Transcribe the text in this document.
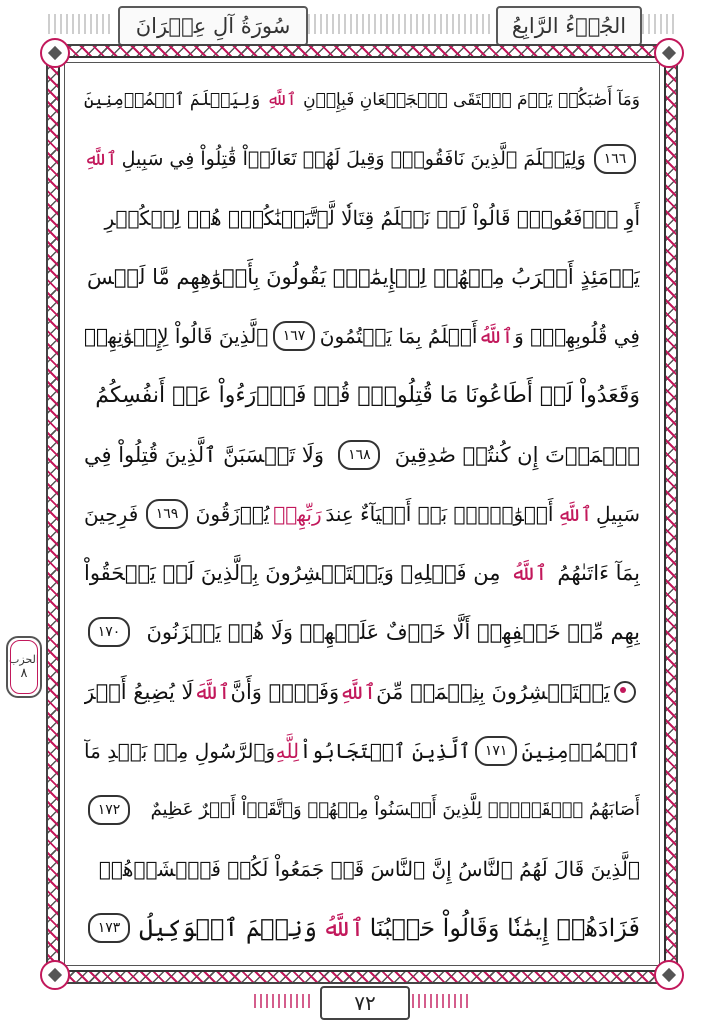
سُورَةُ آلِ عِمۡرَانَ	الجُزۡءُ الرَّابِعُ
وَمَآ أَصَٰبَكُمۡ يَوۡمَ ٱلۡتَقَى ٱلۡجَمۡعَانِ فَبِإِذۡنِ
ٱللَّهِ
وَلِيَعۡلَمَ ٱلۡمُؤۡمِنِينَ
١٦٦
وَلِيَعۡلَمَ ٱلَّذِينَ نَافَقُواْۚ وَقِيلَ لَهُمۡ تَعَالَوۡاْ قَٰتِلُواْ فِي سَبِيلِ
ٱللَّهِ
أَوِ ٱدۡفَعُواْۖ قَالُواْ لَوۡ نَعۡلَمُ قِتَالٗا لَّٱتَّبَعۡنَٰكُمۡۗ هُمۡ لِلۡكُفۡرِ
يَوۡمَئِذٍ أَقۡرَبُ مِنۡهُمۡ لِلۡإِيمَٰنِۚ يَقُولُونَ بِأَفۡوَٰهِهِم مَّا لَيۡسَ
فِي قُلُوبِهِمۡۗ وَ
ٱللَّهُ
أَعۡلَمُ بِمَا يَكۡتُمُونَ
١٦٧
ٱلَّذِينَ قَالُواْ لِإِخۡوَٰنِهِمۡ
وَقَعَدُواْ لَوۡ أَطَاعُونَا مَا قُتِلُواْۗ قُلۡ فَٱدۡرَءُواْ عَنۡ أَنفُسِكُمُ
ٱلۡمَوۡتَ إِن كُنتُمۡ صَٰدِقِينَ
١٦٨
وَلَا تَحۡسَبَنَّ ٱلَّذِينَ قُتِلُواْ فِي
سَبِيلِ
ٱللَّهِ
أَمۡوَٰتَۢاۚ بَلۡ أَحۡيَآءٌ عِندَ
رَبِّهِمۡ
يُرۡزَقُونَ
١٦٩
فَرِحِينَ
بِمَآ ءَاتَىٰهُمُ
ٱللَّهُ
مِن فَضۡلِهِۦ وَيَسۡتَبۡشِرُونَ بِٱلَّذِينَ لَمۡ يَلۡحَقُواْ
بِهِم مِّنۡ خَلۡفِهِمۡ أَلَّا خَوۡفٌ عَلَيۡهِمۡ وَلَا هُمۡ يَحۡزَنُونَ
١٧٠
يَسۡتَبۡشِرُونَ بِنِعۡمَةٖ مِّنَ
ٱللَّهِ
وَفَضۡلٖ وَأَنَّ
ٱللَّهَ
لَا يُضِيعُ أَجۡرَ
ٱلۡمُؤۡمِنِينَ
١٧١
ٱلَّذِينَ ٱسۡتَجَابُواْ
لِلَّهِ
وَٱلرَّسُولِ مِنۢ بَعۡدِ مَآ
أَصَابَهُمُ ٱلۡقَرۡحُۚ لِلَّذِينَ أَحۡسَنُواْ مِنۡهُمۡ وَٱتَّقَوۡاْ أَجۡرٌ عَظِيمٌ
١٧٢
ٱلَّذِينَ قَالَ لَهُمُ ٱلنَّاسُ إِنَّ ٱلنَّاسَ قَدۡ جَمَعُواْ لَكُمۡ فَٱخۡشَوۡهُمۡ
فَزَادَهُمۡ إِيمَٰنٗا وَقَالُواْ حَسۡبُنَا
ٱللَّهُ
وَنِعۡمَ ٱلۡوَكِيلُ
١٧٣
الحزب
٨
٧٢
